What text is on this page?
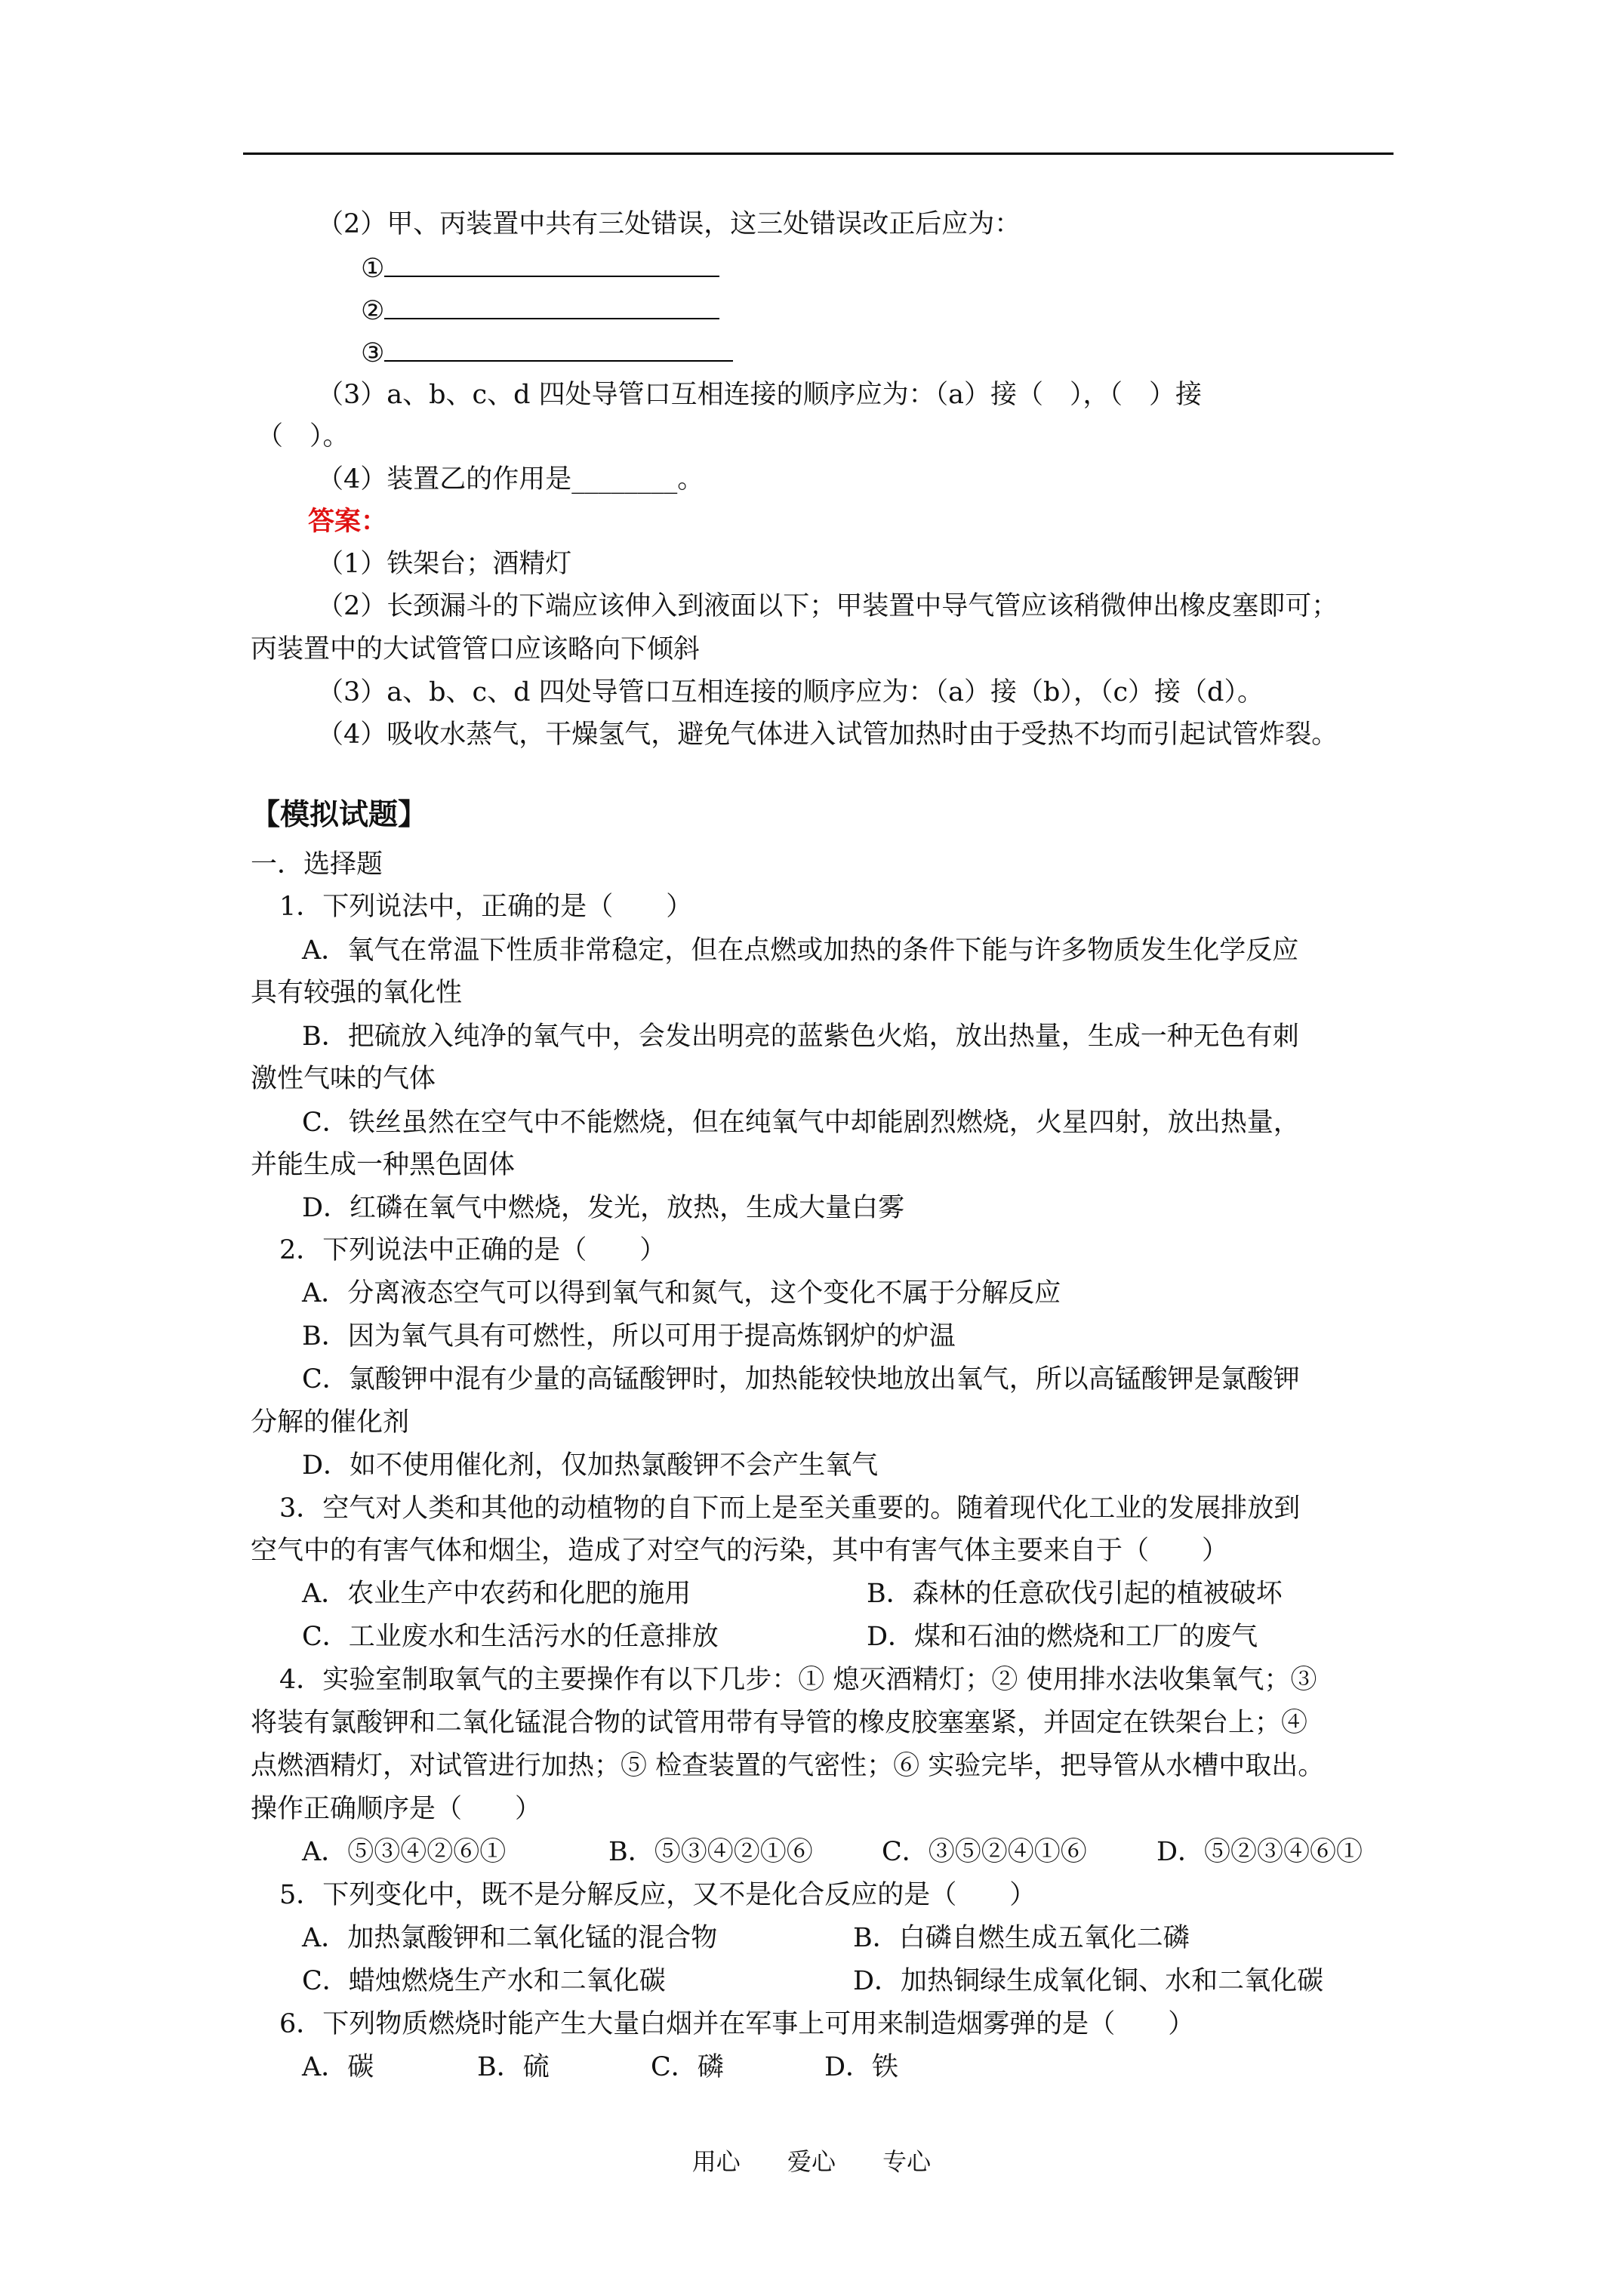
（2）甲、丙装置中共有三处错误，这三处错误改正后应为：
①
②
③
（3）a、b、c、d 四处导管口互相连接的顺序应为：（a）接（　），（　）接
（　）。
（4）装置乙的作用是________。
答案：
（1）铁架台；酒精灯
（2）长颈漏斗的下端应该伸入到液面以下；甲装置中导气管应该稍微伸出橡皮塞即可；
丙装置中的大试管管口应该略向下倾斜
（3）a、b、c、d 四处导管口互相连接的顺序应为：（a）接（b），（c）接（d）。
（4）吸收水蒸气，干燥氢气，避免气体进入试管加热时由于受热不均而引起试管炸裂。
【模拟试题】
一．选择题
1．下列说法中，正确的是（　　）
A．氧气在常温下性质非常稳定，但在点燃或加热的条件下能与许多物质发生化学反应
具有较强的氧化性
B．把硫放入纯净的氧气中，会发出明亮的蓝紫色火焰，放出热量，生成一种无色有刺
激性气味的气体
C．铁丝虽然在空气中不能燃烧，但在纯氧气中却能剧烈燃烧，火星四射，放出热量，
并能生成一种黑色固体
D．红磷在氧气中燃烧，发光，放热，生成大量白雾
2．下列说法中正确的是（　　）
A．分离液态空气可以得到氧气和氮气，这个变化不属于分解反应
B．因为氧气具有可燃性，所以可用于提高炼钢炉的炉温
C．氯酸钾中混有少量的高锰酸钾时，加热能较快地放出氧气，所以高锰酸钾是氯酸钾
分解的催化剂
D．如不使用催化剂，仅加热氯酸钾不会产生氧气
3．空气对人类和其他的动植物的自下而上是至关重要的。随着现代化工业的发展排放到
空气中的有害气体和烟尘，造成了对空气的污染，其中有害气体主要来自于（　　）
A．农业生产中农药和化肥的施用	B．森林的任意砍伐引起的植被破坏
C．工业废水和生活污水的任意排放	D．煤和石油的燃烧和工厂的废气
4．实验室制取氧气的主要操作有以下几步：① 熄灭酒精灯；② 使用排水法收集氧气；③
将装有氯酸钾和二氧化锰混合物的试管用带有导管的橡皮胶塞塞紧，并固定在铁架台上；④
点燃酒精灯，对试管进行加热；⑤ 检查装置的气密性；⑥ 实验完毕，把导管从水槽中取出。
操作正确顺序是（　　）
A．⑤③④②⑥①	B．⑤③④②①⑥	C．③⑤②④①⑥	D．⑤②③④⑥①
5．下列变化中，既不是分解反应，又不是化合反应的是（　　）
A．加热氯酸钾和二氧化锰的混合物	B．白磷自燃生成五氧化二磷
C．蜡烛燃烧生产水和二氧化碳	D．加热铜绿生成氧化铜、水和二氧化碳
6．下列物质燃烧时能产生大量白烟并在军事上可用来制造烟雾弹的是（　　）
A．碳	B．硫	C．磷	D．铁
用心 爱心 专心
